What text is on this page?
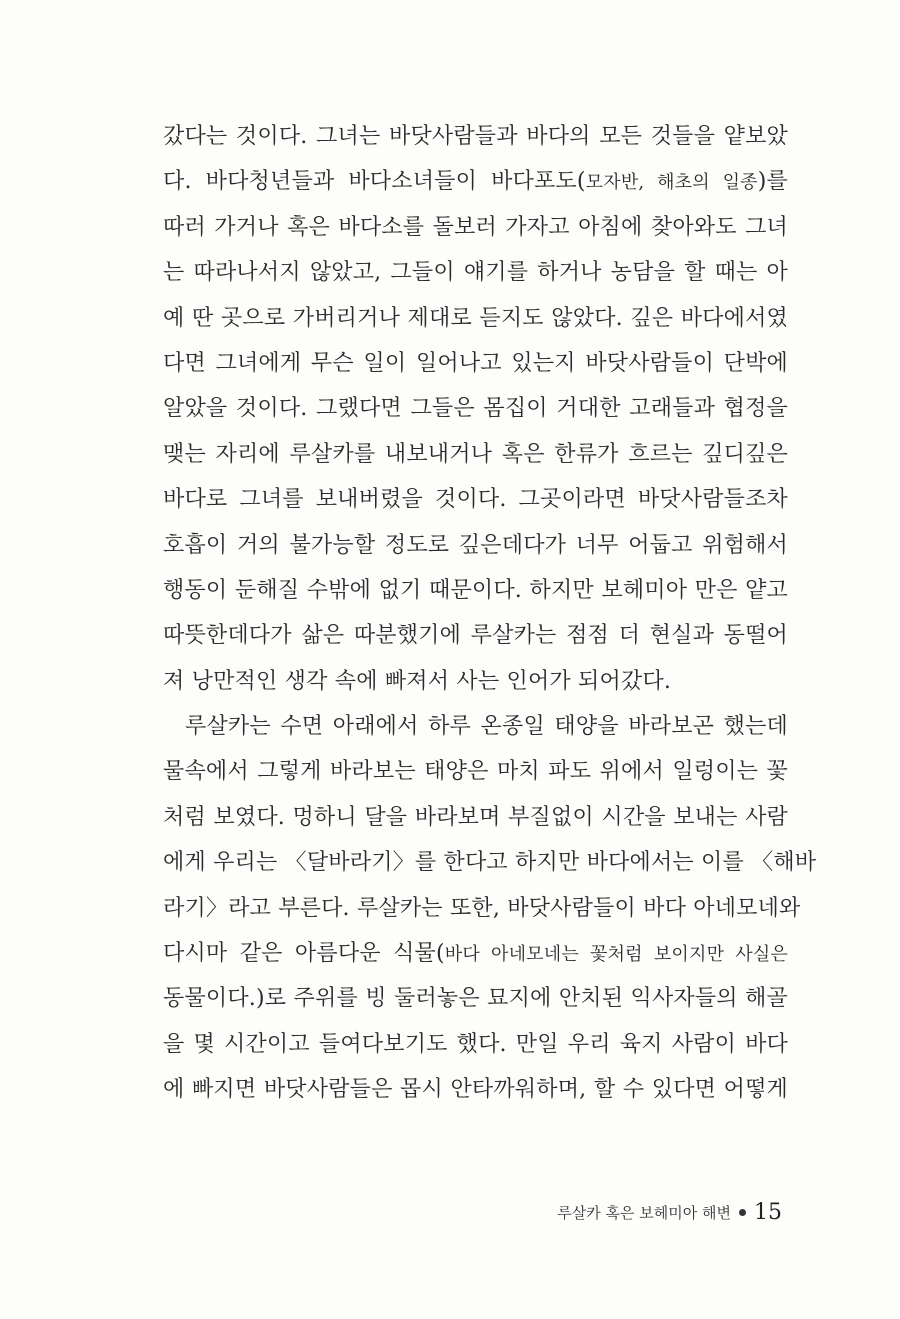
갔다는 것이다. 그녀는 바닷사람들과 바다의 모든 것들을 얕보았
다. 바다청년들과 바다소녀들이 바다포도(모자반, 해초의 일종)를
따러 가거나 혹은 바다소를 돌보러 가자고 아침에 찾아와도 그녀
는 따라나서지 않았고, 그들이 얘기를 하거나 농담을 할 때는 아
예 딴 곳으로 가버리거나 제대로 듣지도 않았다. 깊은 바다에서였
다면 그녀에게 무슨 일이 일어나고 있는지 바닷사람들이 단박에
알았을 것이다. 그랬다면 그들은 몸집이 거대한 고래들과 협정을
맺는 자리에 루살카를 내보내거나 혹은 한류가 흐르는 깊디깊은
바다로 그녀를 보내버렸을 것이다. 그곳이라면 바닷사람들조차
호흡이 거의 불가능할 정도로 깊은데다가 너무 어둡고 위험해서
행동이 둔해질 수밖에 없기 때문이다. 하지만 보헤미아 만은 얕고
따뜻한데다가 삶은 따분했기에 루살카는 점점 더 현실과 동떨어
져 낭만적인 생각 속에 빠져서 사는 인어가 되어갔다.
루살카는 수면 아래에서 하루 온종일 태양을 바라보곤 했는데
물속에서 그렇게 바라보는 태양은 마치 파도 위에서 일렁이는 꽃
처럼 보였다. 멍하니 달을 바라보며 부질없이 시간을 보내는 사람
에게 우리는 〈달바라기〉를 한다고 하지만 바다에서는 이를 〈해바
라기〉라고 부른다. 루살카는 또한, 바닷사람들이 바다 아네모네와
다시마 같은 아름다운 식물(바다 아네모네는 꽃처럼 보이지만 사실은
동물이다.)로 주위를 빙 둘러놓은 묘지에 안치된 익사자들의 해골
을 몇 시간이고 들여다보기도 했다. 만일 우리 육지 사람이 바다
에 빠지면 바닷사람들은 몹시 안타까워하며, 할 수 있다면 어떻게
루살카 혹은 보헤미아 해변 15
